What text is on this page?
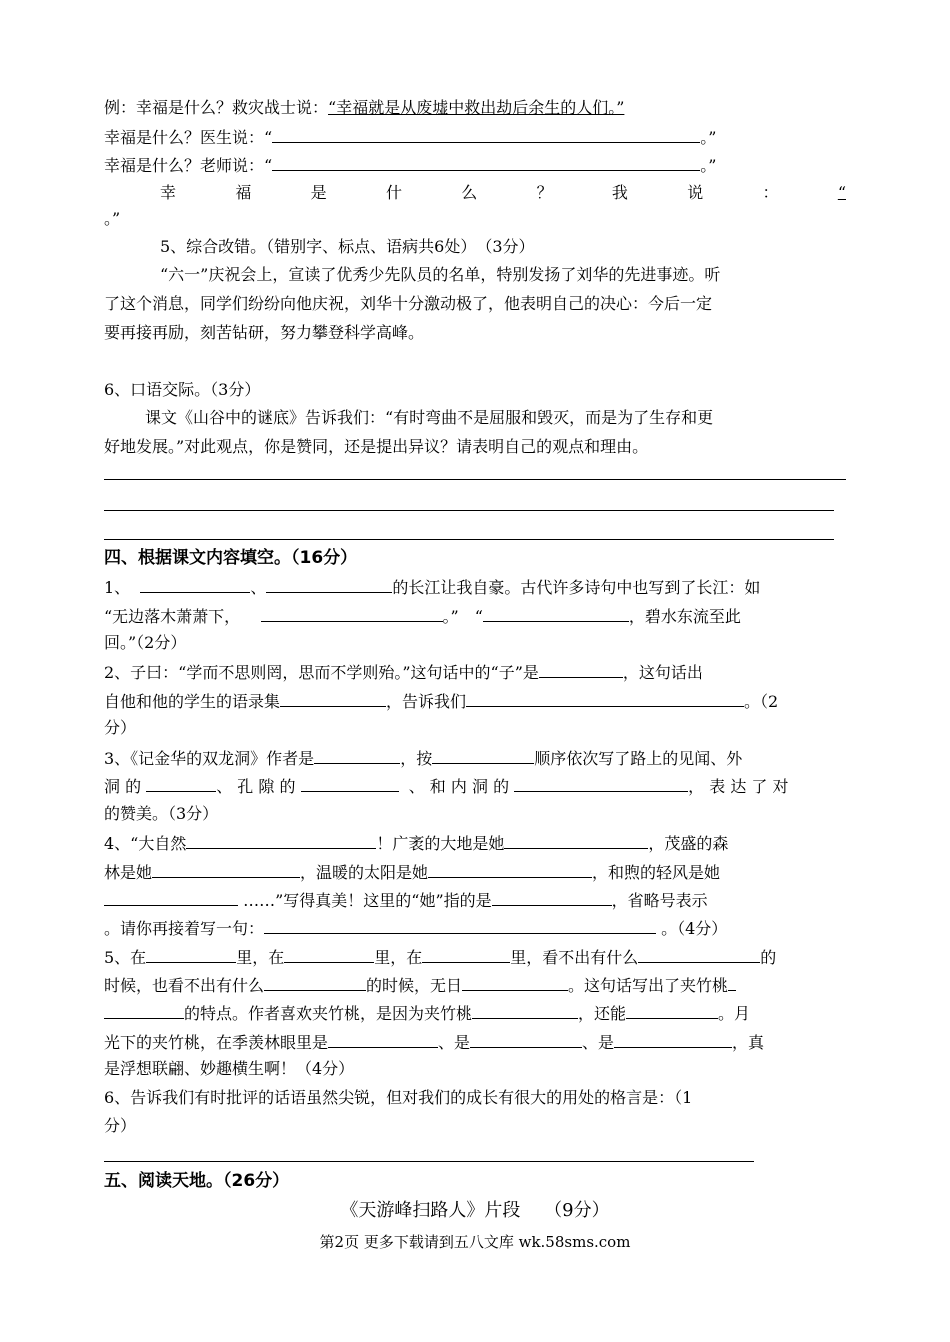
例：幸福是什么？救灾战士说：“幸福就是从废墟中救出劫后余生的人们。”
幸福是什么？医生说：“	。”
幸福是什么？老师说：“	。”
幸	福	是	什	么	？	我	说	：	“
。”
5、综合改错。（错别字、标点、语病共6处）　（3分）
“六一”庆祝会上，宣读了优秀少先队员的名单，特别发扬了刘华的先进事迹。听
了这个消息，同学们纷纷向他庆祝，刘华十分激动极了，他表明自己的决心：今后一定
要再接再励，刻苦钻研，努力攀登科学高峰。
6、口语交际。（3分）
课文《山谷中的谜底》告诉我们：“有时弯曲不是屈服和毁灭，而是为了生存和更
好地发展。”对此观点，你是赞同，还是提出异议？请表明自己的观点和理由。
四、根据课文内容填空。（16分）
1、	、	的长江让我自豪。古代许多诗句中也写到了长江：如
“无边落木萧萧下，	。”　“	，碧水东流至此
回。”（2分）
2、子曰：“学而不思则罔，思而不学则殆。”这句话中的“子”是	，这句话出
自他和他的学生的语录集	，告诉我们	。（2
分）
3、《记金华的双龙洞》作者是	，按	顺序依次写了路上的见闻、外
洞 的	、 孔 隙 的	、 和 内 洞 的	， 表 达 了 对
的赞美。（3分）
4、“大自然	！广袤的大地是她	，茂盛的森
林是她	，温暖的太阳是她	，和煦的轻风是她
……”写得真美！这里的“她”指的是	，省略号表示
。请你再接着写一句：	。（4分）
5、在	里，在	里，在	里，看不出有什么	的
时候，也看不出有什么	的时候，无日	。这句话写出了夹竹桃
的特点。作者喜欢夹竹桃，是因为夹竹桃	，还能	。月
光下的夹竹桃，在季羡林眼里是	、是	、是	，真
是浮想联翩、妙趣横生啊！（4分）
6、告诉我们有时批评的话语虽然尖锐，但对我们的成长有很大的用处的格言是：（1
分）
五、阅读天地。（26分）
《天游峰扫路人》片段　 （9分）
第2页 更多下载请到五八文库 wk.58sms.com
